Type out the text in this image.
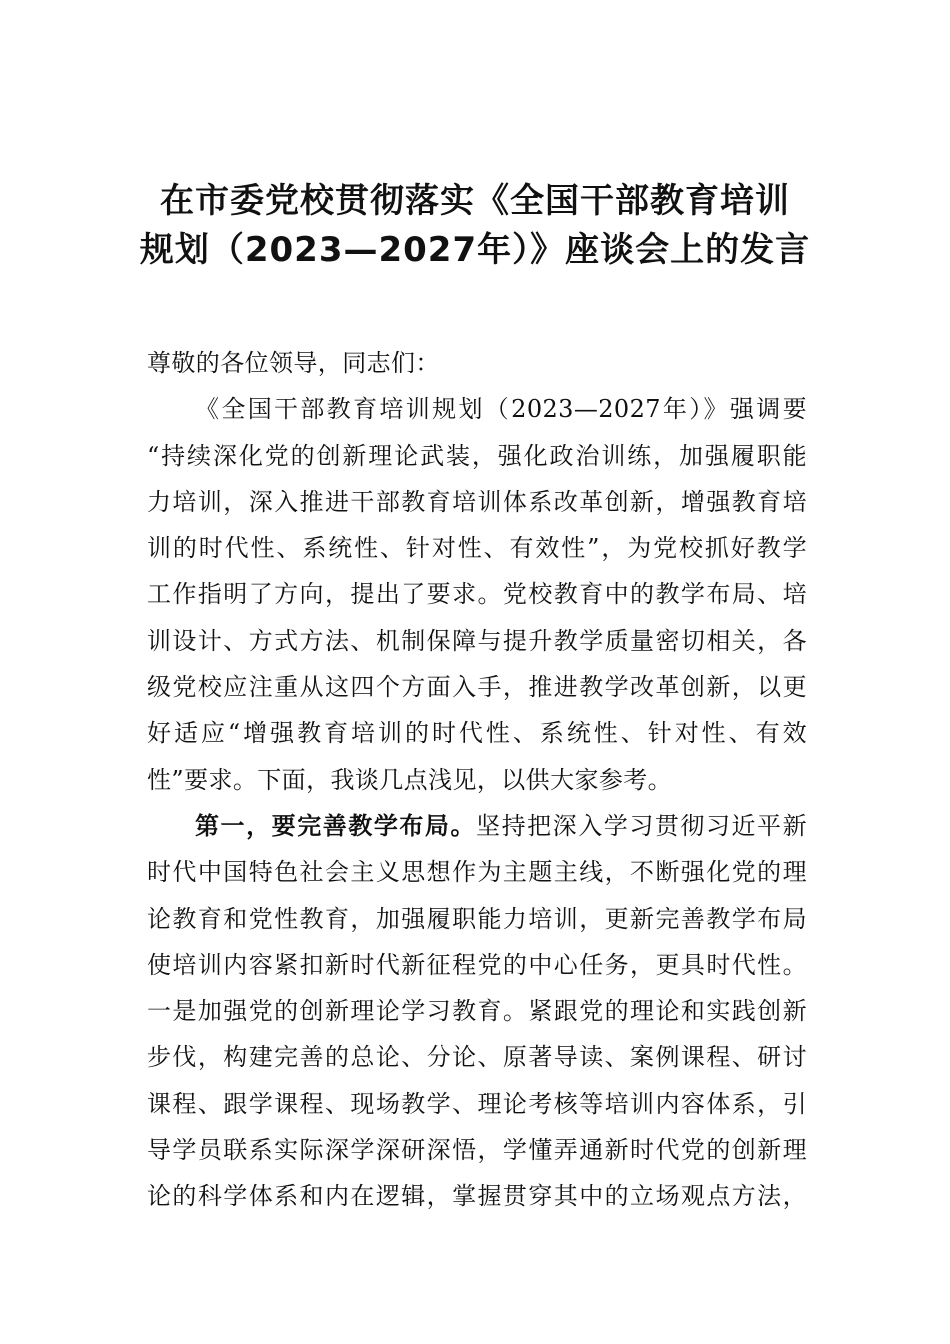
在市委党校贯彻落实《全国干部教育培训
规划（2023—2027年）》座谈会上的发言
尊敬的各位领导，同志们：
《全国干部教育培训规划（2023—2027年）》强调要
“持续深化党的创新理论武装，强化政治训练，加强履职能
力培训，深入推进干部教育培训体系改革创新，增强教育培
训的时代性、系统性、针对性、有效性”，为党校抓好教学
工作指明了方向，提出了要求。党校教育中的教学布局、培
训设计、方式方法、机制保障与提升教学质量密切相关，各
级党校应注重从这四个方面入手，推进教学改革创新，以更
好适应“增强教育培训的时代性、系统性、针对性、有效
性”要求。下面，我谈几点浅见，以供大家参考。
第一，要完善教学布局。坚持把深入学习贯彻习近平新
时代中国特色社会主义思想作为主题主线，不断强化党的理
论教育和党性教育，加强履职能力培训，更新完善教学布局
使培训内容紧扣新时代新征程党的中心任务，更具时代性。
一是加强党的创新理论学习教育。紧跟党的理论和实践创新
步伐，构建完善的总论、分论、原著导读、案例课程、研讨
课程、跟学课程、现场教学、理论考核等培训内容体系，引
导学员联系实际深学深研深悟，学懂弄通新时代党的创新理
论的科学体系和内在逻辑，掌握贯穿其中的立场观点方法，
